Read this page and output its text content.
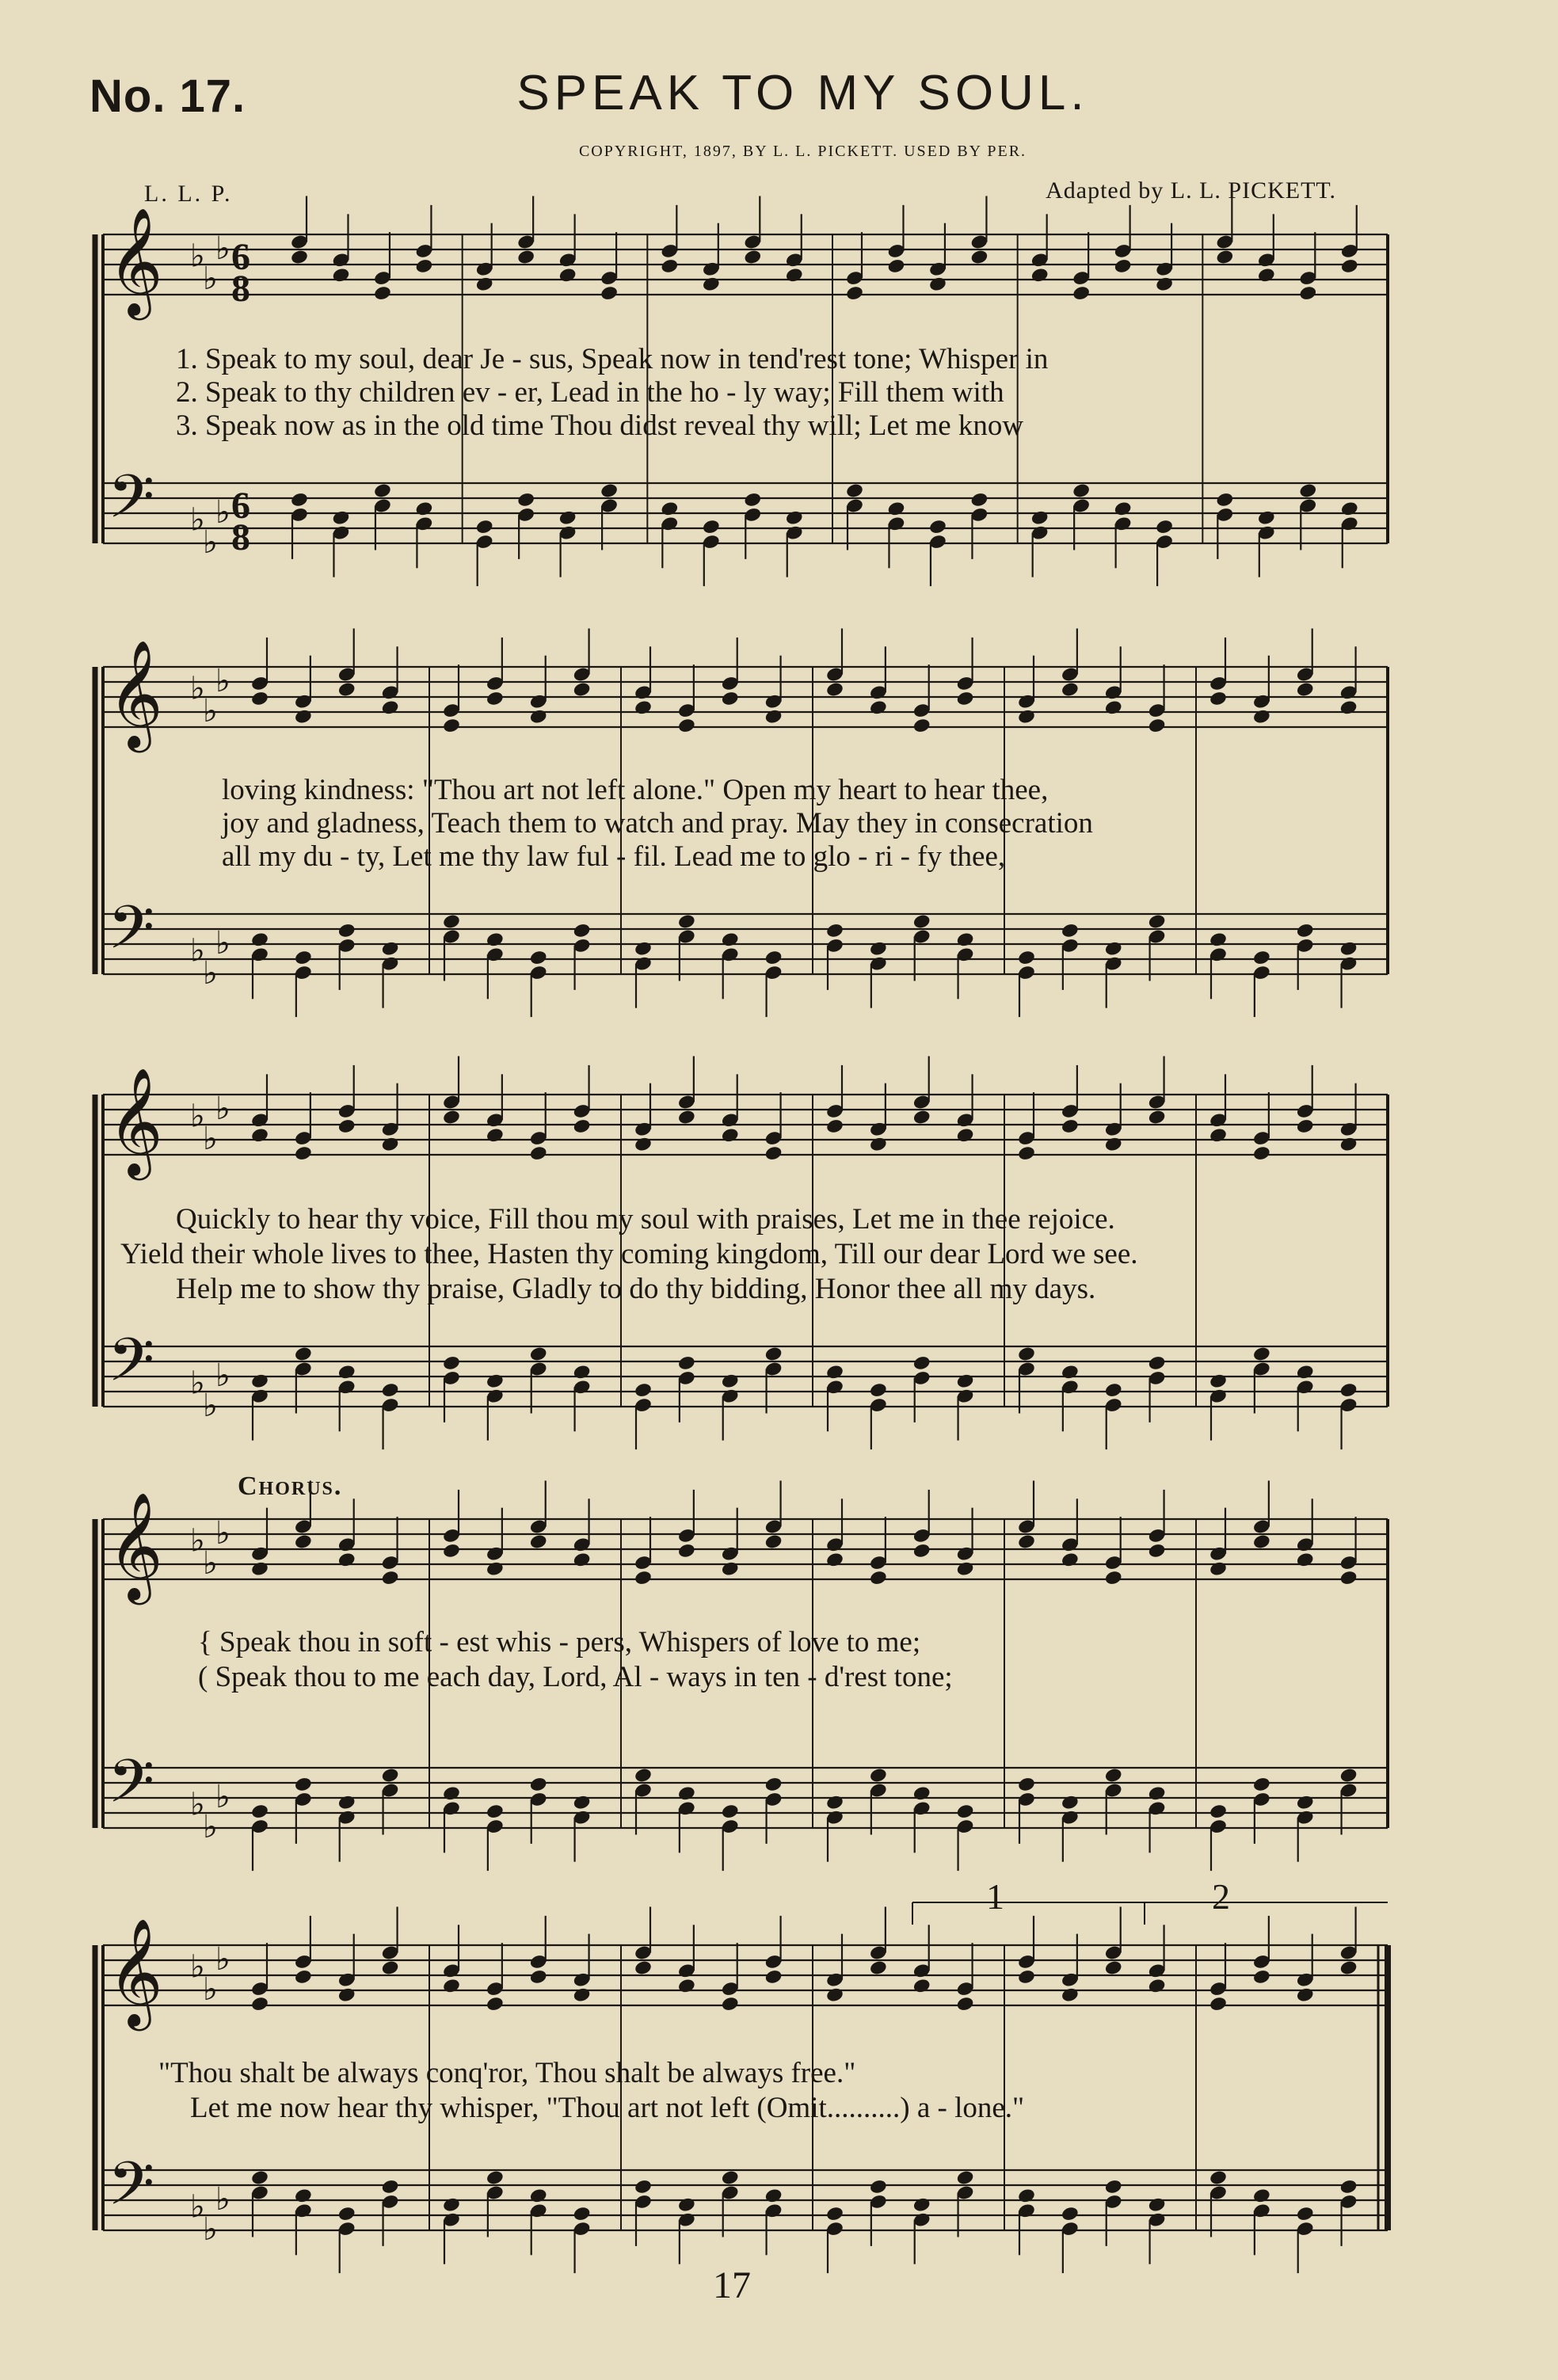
No. 17.	SPEAK TO MY SOUL.
COPYRIGHT, 1897, BY L. L. PICKETT. USED BY PER.
L. L. P.	Adapted by L. L. PICKETT.
𝄞 ♭
♭
♭ 6
8
𝄢 ♭
♭
♭ 6
8
𝄞 ♭
♭
♭
𝄢 ♭
♭
♭
𝄞 ♭
♭
♭
𝄢 ♭
♭
♭
𝄞 ♭
♭
♭
𝄢 ♭
♭
♭
𝄞 ♭
♭
♭
𝄢 ♭
♭
♭
1. Speak to my soul, dear Je - sus, Speak now in tend'rest tone; Whisper in
2. Speak to thy children ev - er, Lead in the ho - ly way; Fill them with
3. Speak now as in the old time Thou didst reveal thy will; Let me know
loving kindness: "Thou art not left alone." Open my heart to hear thee,
joy and gladness, Teach them to watch and pray. May they in consecration
all my du - ty, Let me thy law ful - fil. Lead me to glo - ri - fy thee,
Quickly to hear thy voice, Fill thou my soul with praises, Let me in thee rejoice.
Yield their whole lives to thee, Hasten thy coming kingdom, Till our dear Lord we see.
Help me to show thy praise, Gladly to do thy bidding, Honor thee all my days.
Chorus.
{ Speak thou in soft - est whis - pers, Whispers of love to me;
( Speak thou to me each day, Lord, Al - ways in ten - d'rest tone;
"Thou shalt be always conq'ror, Thou shalt be always free."
Let me now hear thy whisper, "Thou art not left (Omit..........) a - lone."
1	2
17
